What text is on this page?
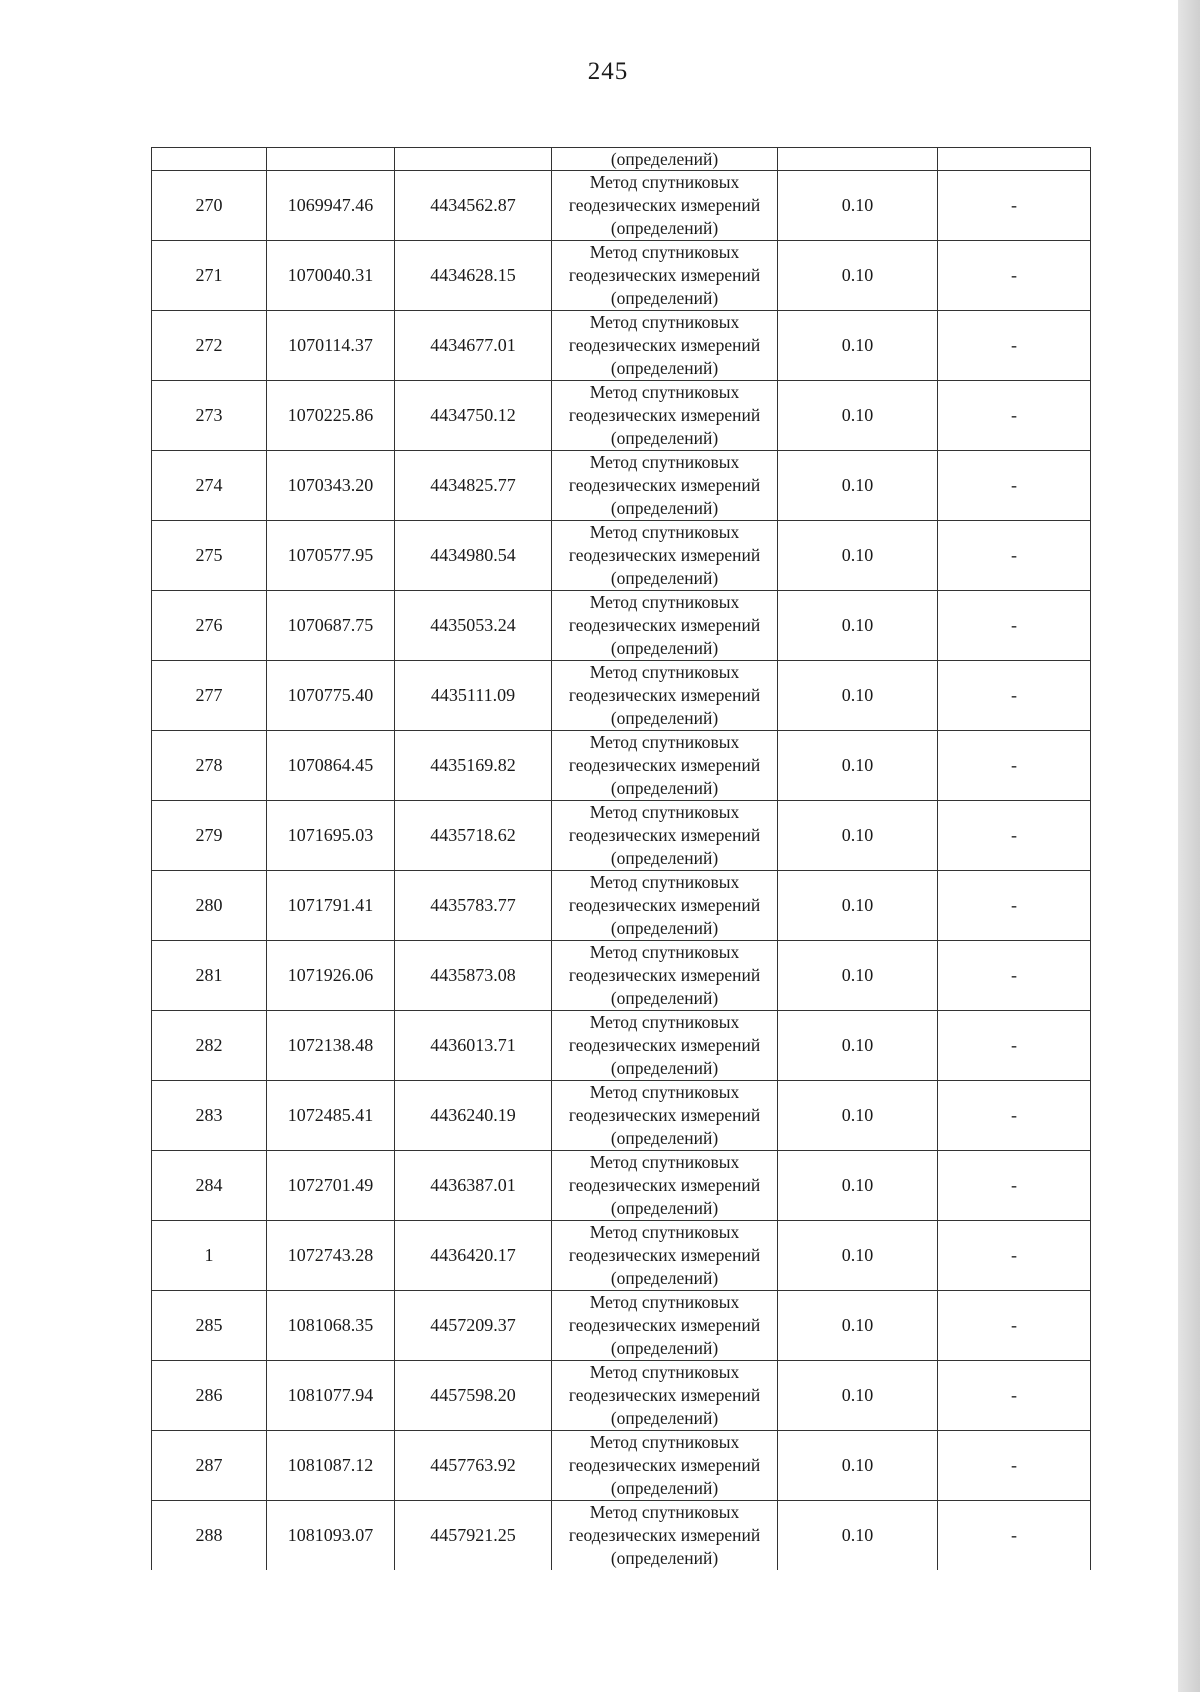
245
			(определений)		
270	1069947.46	4434562.87	Метод спутниковых
геодезических измерений
(определений)	0.10	-
271	1070040.31	4434628.15	Метод спутниковых
геодезических измерений
(определений)	0.10	-
272	1070114.37	4434677.01	Метод спутниковых
геодезических измерений
(определений)	0.10	-
273	1070225.86	4434750.12	Метод спутниковых
геодезических измерений
(определений)	0.10	-
274	1070343.20	4434825.77	Метод спутниковых
геодезических измерений
(определений)	0.10	-
275	1070577.95	4434980.54	Метод спутниковых
геодезических измерений
(определений)	0.10	-
276	1070687.75	4435053.24	Метод спутниковых
геодезических измерений
(определений)	0.10	-
277	1070775.40	4435111.09	Метод спутниковых
геодезических измерений
(определений)	0.10	-
278	1070864.45	4435169.82	Метод спутниковых
геодезических измерений
(определений)	0.10	-
279	1071695.03	4435718.62	Метод спутниковых
геодезических измерений
(определений)	0.10	-
280	1071791.41	4435783.77	Метод спутниковых
геодезических измерений
(определений)	0.10	-
281	1071926.06	4435873.08	Метод спутниковых
геодезических измерений
(определений)	0.10	-
282	1072138.48	4436013.71	Метод спутниковых
геодезических измерений
(определений)	0.10	-
283	1072485.41	4436240.19	Метод спутниковых
геодезических измерений
(определений)	0.10	-
284	1072701.49	4436387.01	Метод спутниковых
геодезических измерений
(определений)	0.10	-
1	1072743.28	4436420.17	Метод спутниковых
геодезических измерений
(определений)	0.10	-
285	1081068.35	4457209.37	Метод спутниковых
геодезических измерений
(определений)	0.10	-
286	1081077.94	4457598.20	Метод спутниковых
геодезических измерений
(определений)	0.10	-
287	1081087.12	4457763.92	Метод спутниковых
геодезических измерений
(определений)	0.10	-
288	1081093.07	4457921.25	Метод спутниковых
геодезических измерений
(определений)	0.10	-
